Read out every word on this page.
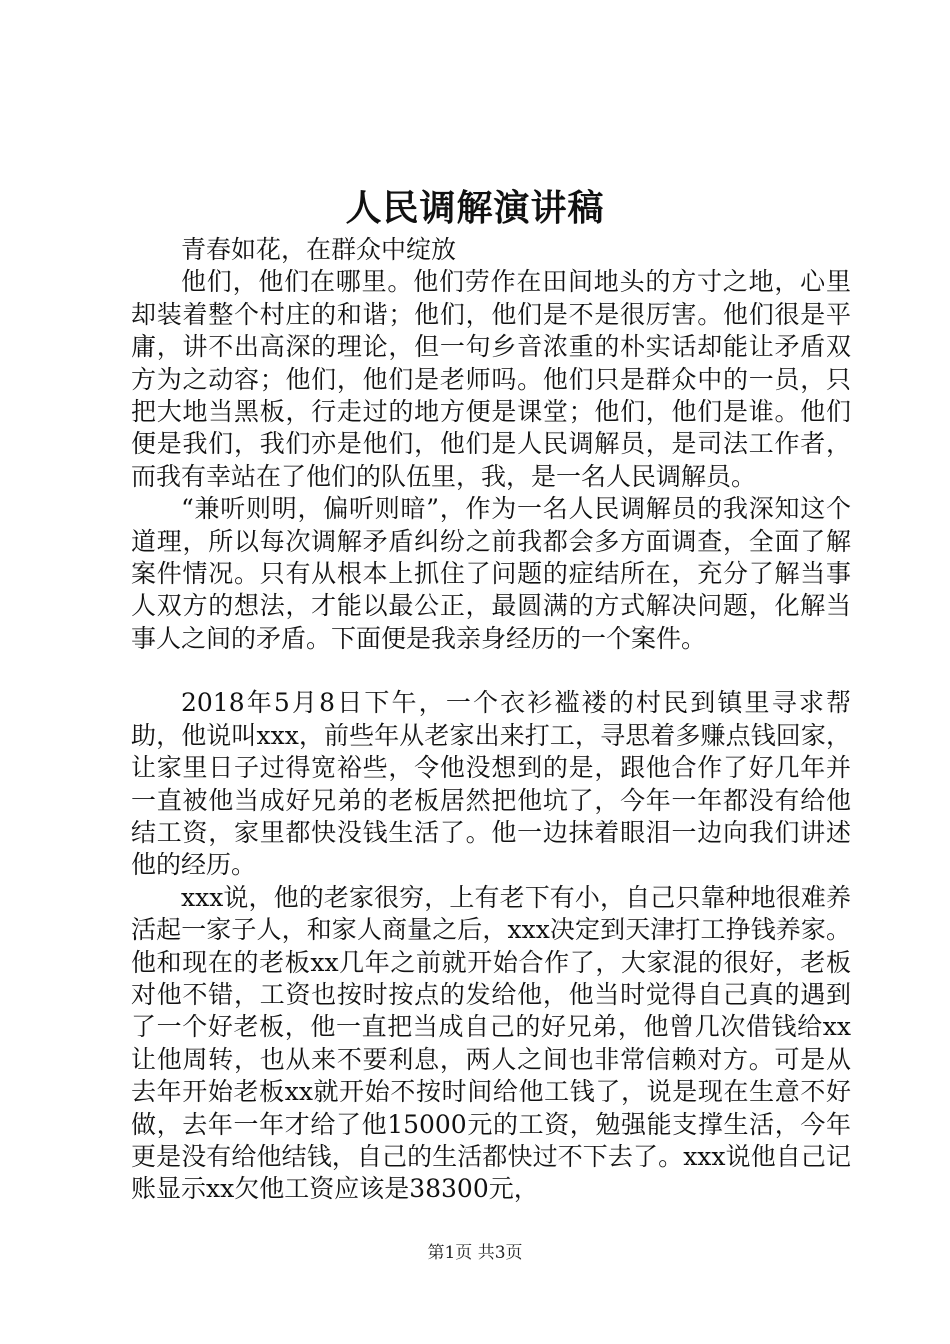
人民调解演讲稿

青春如花，在群众中绽放

他们，他们在哪里。他们劳作在田间地头的方寸之地，心里却装着整个村庄的和谐；他们，他们是不是很厉害。他们很是平庸，讲不出高深的理论，但一句乡音浓重的朴实话却能让矛盾双方为之动容；他们，他们是老师吗。他们只是群众中的一员，只把大地当黑板，行走过的地方便是课堂；他们，他们是谁。他们便是我们，我们亦是他们，他们是人民调解员，是司法工作者，而我有幸站在了他们的队伍里，我，是一名人民调解员。

“兼听则明，偏听则暗”，作为一名人民调解员的我深知这个道理，所以每次调解矛盾纠纷之前我都会多方面调查，全面了解案件情况。只有从根本上抓住了问题的症结所在，充分了解当事人双方的想法，才能以最公正，最圆满的方式解决问题，化解当事人之间的矛盾。下面便是我亲身经历的一个案件。

2018年5月8日下午，一个衣衫褴褛的村民到镇里寻求帮助，他说叫xxx，前些年从老家出来打工，寻思着多赚点钱回家，让家里日子过得宽裕些，令他没想到的是，跟他合作了好几年并一直被他当成好兄弟的老板居然把他坑了，今年一年都没有给他结工资，家里都快没钱生活了。他一边抹着眼泪一边向我们讲述他的经历。

xxx说，他的老家很穷，上有老下有小，自己只靠种地很难养活起一家子人，和家人商量之后，xxx决定到天津打工挣钱养家。他和现在的老板xx几年之前就开始合作了，大家混的很好，老板对他不错，工资也按时按点的发给他，他当时觉得自己真的遇到了一个好老板，他一直把当成自己的好兄弟，他曾几次借钱给xx让他周转，也从来不要利息，两人之间也非常信赖对方。可是从去年开始老板xx就开始不按时间给他工钱了，说是现在生意不好做，去年一年才给了他15000元的工资，勉强能支撑生活，今年更是没有给他结钱，自己的生活都快过不下去了。xxx说他自己记账显示xx欠他工资应该是38300元，

第1页 共3页
